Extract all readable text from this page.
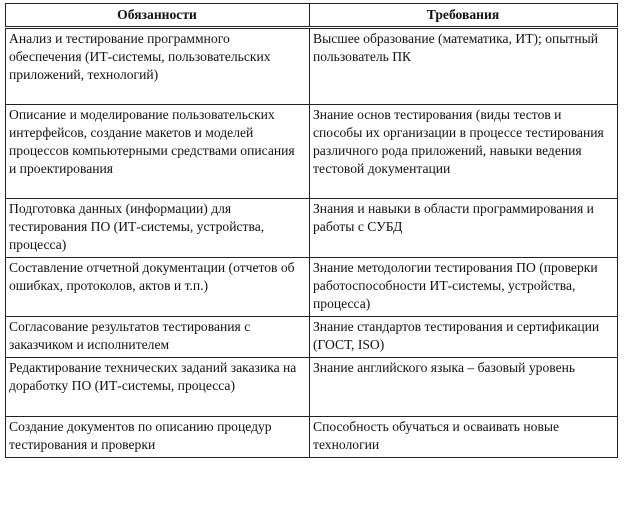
Обязанности	Требования
Анализ и тестирование программного обеспечения (ИТ-системы, пользовательских приложений, технологий)	Высшее образование (математика, ИТ); опытный пользователь ПК
Описание и моделирование пользовательских интерфейсов, создание макетов и моделей процессов компьютерными средствами описания и проектирования	Знание основ тестирования (виды тестов и способы их организации в процессе тестирования различного рода приложений, навыки ведения тестовой документации
Подготовка данных (информации) для тестирования ПО (ИТ-системы, устройства, процесса)	Знания и навыки в области программирования и работы с СУБД
Составление отчетной документации (отчетов об ошибках, протоколов, актов и т.п.)	Знание методологии тестирования ПО (проверки работоспособности ИТ-системы, устройства, процесса)
Согласование результатов тестирования с заказчиком и исполнителем	Знание стандартов тестирования и сертификации (ГОСТ, ISO)
Редактирование технических заданий заказика на доработку ПО (ИТ-системы, процесса)	Знание английского языка – базовый уровень
Создание документов по описанию процедур тестирования и проверки	Способность обучаться и осваивать новые технологии
